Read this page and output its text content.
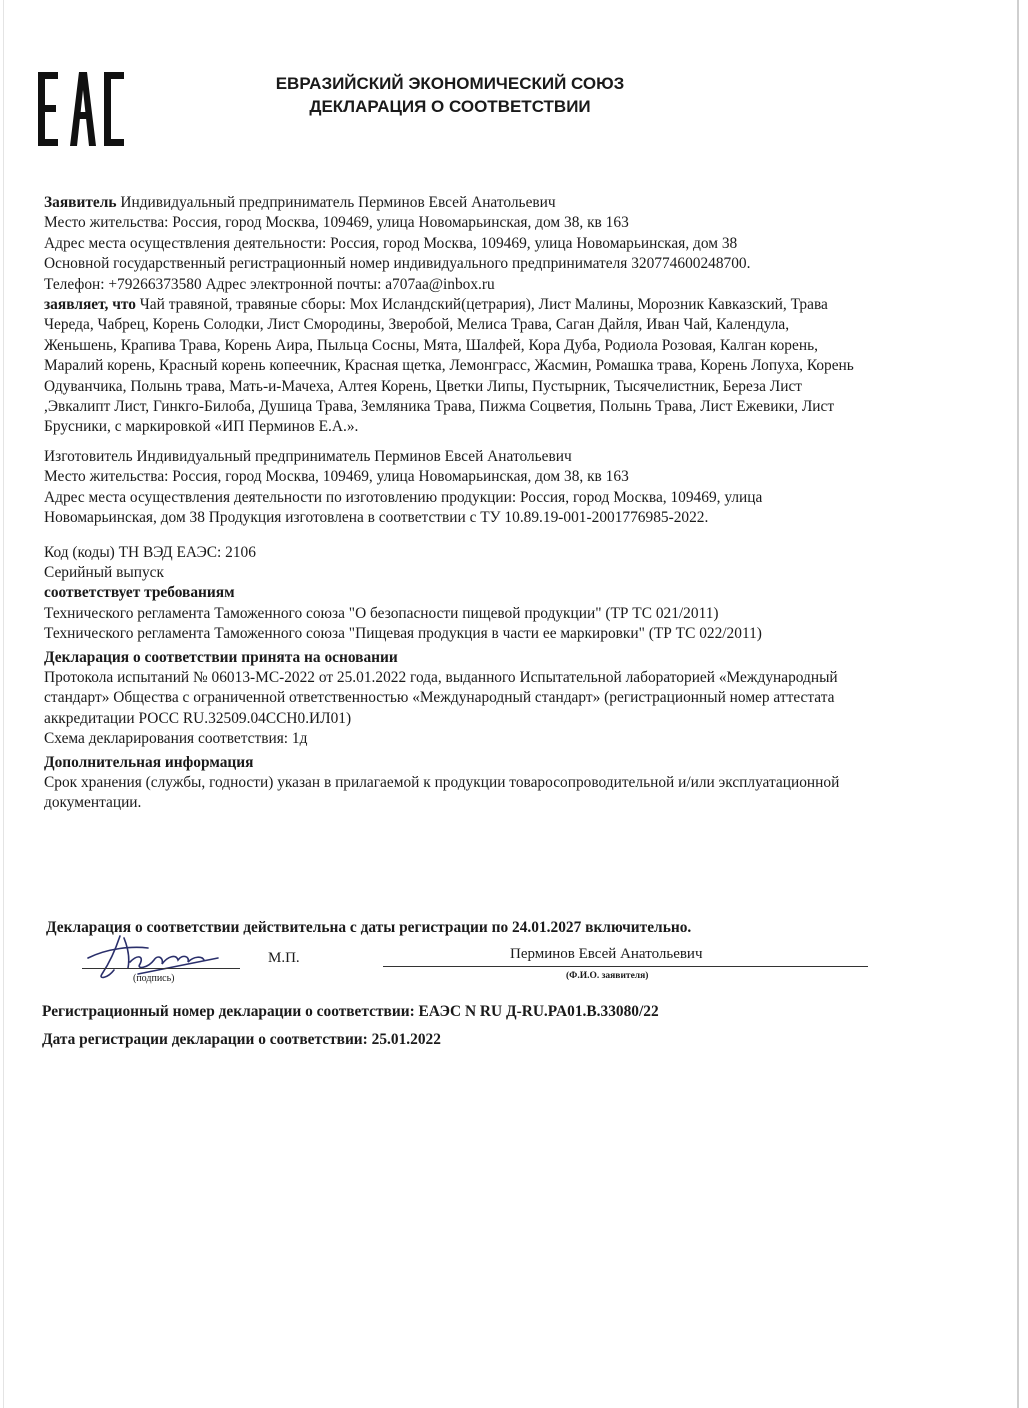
ЕВРАЗИЙСКИЙ ЭКОНОМИЧЕСКИЙ СОЮЗ
ДЕКЛАРАЦИЯ О СООТВЕТСТВИИ

Заявитель Индивидуальный предприниматель Перминов Евсей Анатольевич

Место жительства: Россия, город Москва, 109469, улица Новомарьинская, дом 38, кв 163

Адрес места осуществления деятельности: Россия, город Москва, 109469, улица Новомарьинская, дом 38

Основной государственный регистрационный номер индивидуального предпринимателя 320774600248700.

Телефон: +79266373580 Адрес электронной почты: a707aa@inbox.ru

заявляет, что Чай травяной, травяные сборы: Мох Исландский(цетрария), Лист Малины, Морозник Кавказский, Трава Череда, Чабрец, Корень Солодки, Лист Смородины, Зверобой, Мелиса Трава, Саган Дайля, Иван Чай, Календула, Женьшень, Крапива Трава, Корень Аира, Пыльца Сосны, Мята, Шалфей, Кора Дуба, Родиола Розовая, Калган корень, Маралий корень, Красный корень копеечник, Красная щетка, Лемонграсс, Жасмин, Ромашка трава, Корень Лопуха, Корень Одуванчика, Полынь трава, Мать-и-Мачеха, Алтея Корень, Цветки Липы, Пустырник, Тысячелистник, Береза Лист ,Эвкалипт Лист, Гинкго-Билоба, Душица Трава, Земляника Трава, Пижма Соцветия, Полынь Трава, Лист Ежевики, Лист Брусники, с маркировкой «ИП Перминов Е.А.».

Изготовитель Индивидуальный предприниматель Перминов Евсей Анатольевич

Место жительства: Россия, город Москва, 109469, улица Новомарьинская, дом 38, кв 163

Адрес места осуществления деятельности по изготовлению продукции: Россия, город Москва, 109469, улица Новомарьинская, дом 38 Продукция изготовлена в соответствии с ТУ 10.89.19-001-2001776985-2022.

Код (коды) ТН ВЭД ЕАЭС: 2106

Серийный выпуск

соответствует требованиям

Технического регламента Таможенного союза "О безопасности пищевой продукции" (ТР ТС 021/2011)

Технического регламента Таможенного союза "Пищевая продукция в части ее маркировки" (ТР ТС 022/2011)

Декларация о соответствии принята на основании

Протокола испытаний № 06013-МС-2022 от 25.01.2022 года, выданного Испытательной лабораторией «Международный стандарт» Общества с ограниченной ответственностью «Международный стандарт» (регистрационный номер аттестата аккредитации РОСС RU.32509.04ССН0.ИЛ01)

Схема декларирования соответствия: 1д

Дополнительная информация

Срок хранения (службы, годности) указан в прилагаемой к продукции товаросопроводительной и/или эксплуатационной документации.

Декларация о соответствии действительна с даты регистрации по 24.01.2027 включительно.
(подпись)
М.П.	Перминов Евсей Анатольевич
(Ф.И.О. заявителя)
Регистрационный номер декларации о соответствии: ЕАЭС N RU Д-RU.PA01.B.33080/22
Дата регистрации декларации о соответствии: 25.01.2022
